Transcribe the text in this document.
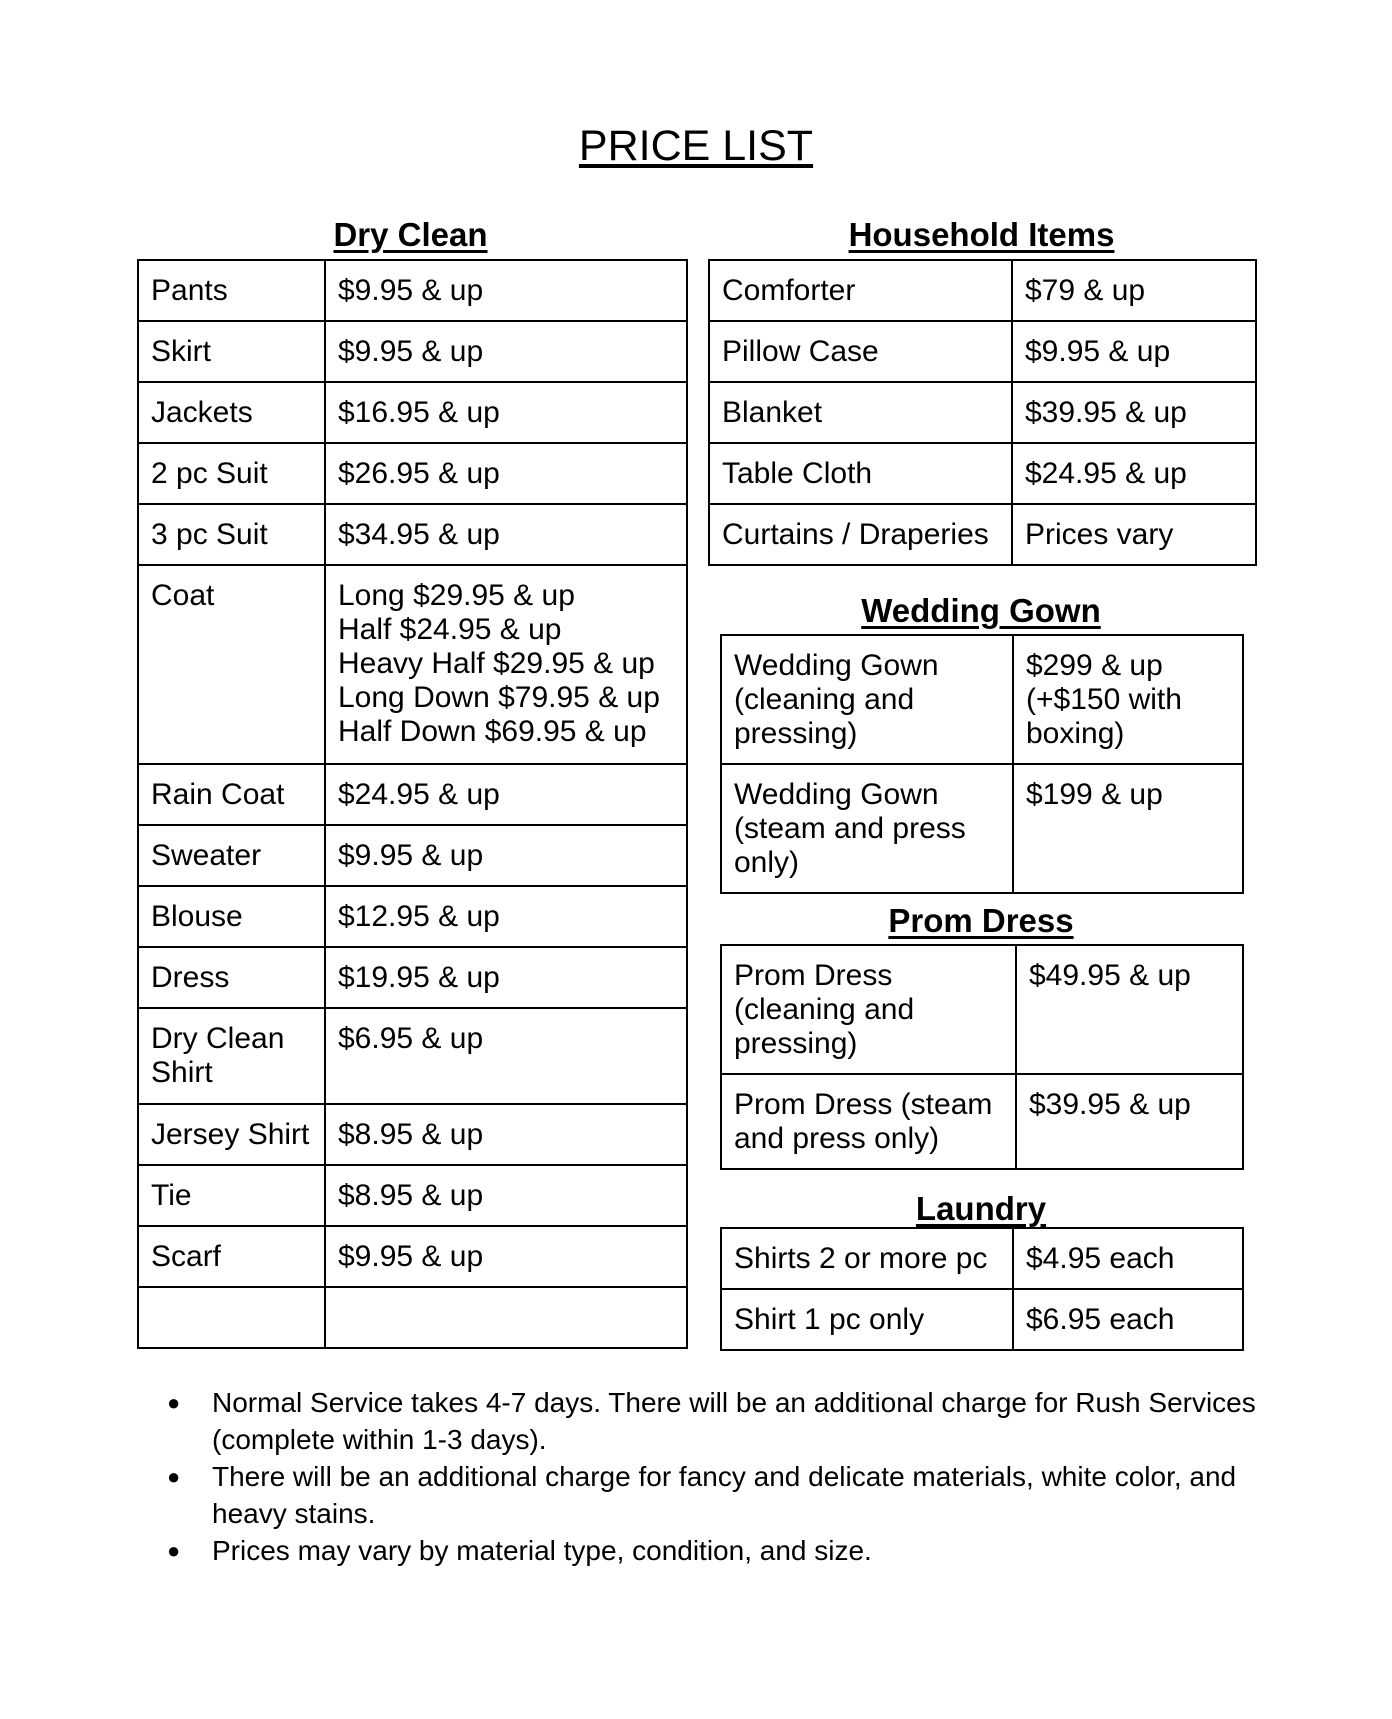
PRICE LIST
Dry Clean
Pants	$9.95 & up
Skirt	$9.95 & up
Jackets	$16.95 & up
2 pc Suit	$26.95 & up
3 pc Suit	$34.95 & up
Coat	Long $29.95 & up
Half $24.95 & up
Heavy Half $29.95 & up
Long Down $79.95 & up
Half Down $69.95 & up
Rain Coat	$24.95 & up
Sweater	$9.95 & up
Blouse	$12.95 & up
Dress	$19.95 & up
Dry Clean
Shirt	$6.95 & up
Jersey Shirt	$8.95 & up
Tie	$8.95 & up
Scarf	$9.95 & up

Household Items
Comforter	$79 & up
Pillow Case	$9.95 & up
Blanket	$39.95 & up
Table Cloth	$24.95 & up
Curtains / Draperies	Prices vary
Wedding Gown
Wedding Gown
(cleaning and
pressing)	$299 & up
(+$150 with
boxing)
Wedding Gown
(steam and press
only)	$199 & up
Prom Dress
Prom Dress
(cleaning and
pressing)	$49.95 & up
Prom Dress (steam
and press only)	$39.95 & up
Laundry
Shirts 2 or more pc	$4.95 each
Shirt 1 pc only	$6.95 each
● Normal Service takes 4-7 days. There will be an additional charge for Rush Services (complete within 1-3 days).
● There will be an additional charge for fancy and delicate materials, white color, and heavy stains.
● Prices may vary by material type, condition, and size.
